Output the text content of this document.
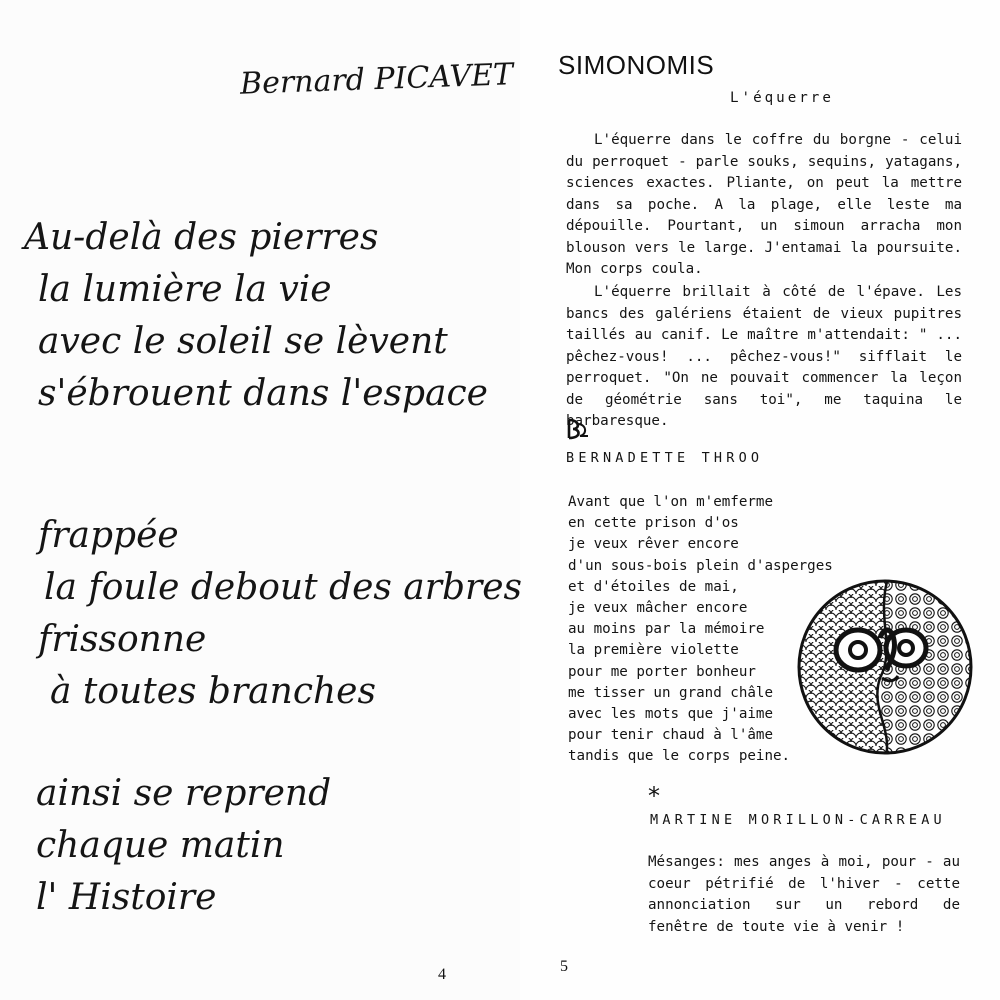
Bernard PICAVET
Au-delà des pierres
la lumière la vie
avec le soleil se lèvent
s'ébrouent dans l'espace
frappée
la foule debout des arbres
frissonne
à toutes branches
ainsi se reprend
chaque matin
l' Histoire
4
SIMONOMIS
L'équerre

L'équerre dans le coffre du borgne - celui du perroquet - parle souks, sequins, yatagans, sciences exactes. Pliante, on peut la mettre dans sa poche. A la plage, elle leste ma dépouille. Pourtant, un simoun arracha mon blouson vers le large. J'entamai la poursuite. Mon corps coula.

L'équerre brillait à côté de l'épave. Les bancs des galériens étaient de vieux pupitres taillés au canif. Le maître m'attendait: " ... pêchez-vous! ... pêchez-vous!" sifflait le perroquet. "On ne pouvait commencer la leçon de géométrie sans toi", me taquina le barbaresque.

BERNADETTE THROO
Avant que l'on m'emferme
en cette prison d'os
je veux rêver encore
d'un sous-bois plein d'asperges
et d'étoiles de mai,
je veux mâcher encore
au moins par la mémoire
la première violette
pour me porter bonheur
me tisser un grand châle
avec les mots que j'aime
pour tenir chaud à l'âme
tandis que le corps peine.
*
MARTINE MORILLON-CARREAU
Mésanges: mes anges à moi, pour - au coeur pétrifié de l'hiver - cette annonciation sur un rebord de fenêtre de toute vie à venir !
5
